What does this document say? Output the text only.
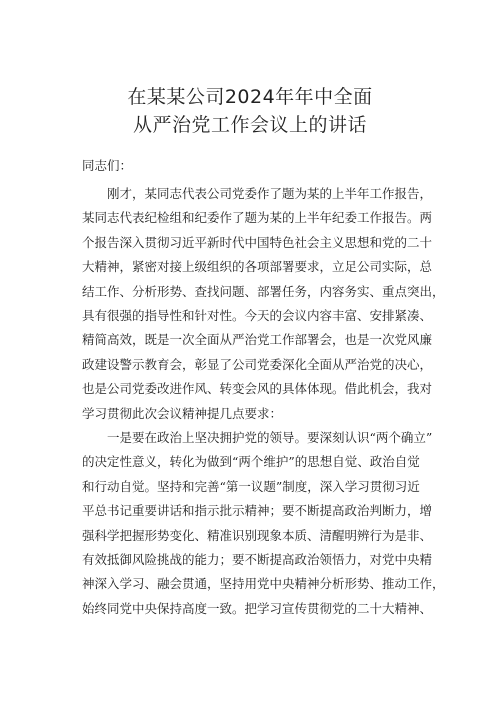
在某某公司2024年年中全面
从严治党工作会议上的讲话
同志们：
　　刚才，某同志代表公司党委作了题为某的上半年工作报告，
某同志代表纪检组和纪委作了题为某的上半年纪委工作报告。两
个报告深入贯彻习近平新时代中国特色社会主义思想和党的二十
大精神，紧密对接上级组织的各项部署要求，立足公司实际，总
结工作、分析形势、查找问题、部署任务，内容务实、重点突出，
具有很强的指导性和针对性。今天的会议内容丰富、安排紧凑、
精简高效，既是一次全面从严治党工作部署会，也是一次党风廉
政建设警示教育会，彰显了公司党委深化全面从严治党的决心，
也是公司党委改进作风、转变会风的具体体现。借此机会，我对
学习贯彻此次会议精神提几点要求：
　　一是要在政治上坚决拥护党的领导。要深刻认识“两个确立”
的决定性意义，转化为做到“两个维护”的思想自觉、政治自觉
和行动自觉。坚持和完善“第一议题”制度，深入学习贯彻习近
平总书记重要讲话和指示批示精神；要不断提高政治判断力，增
强科学把握形势变化、精准识别现象本质、清醒明辨行为是非、
有效抵御风险挑战的能力；要不断提高政治领悟力，对党中央精
神深入学习、融会贯通，坚持用党中央精神分析形势、推动工作，
始终同党中央保持高度一致。把学习宣传贯彻党的二十大精神、
